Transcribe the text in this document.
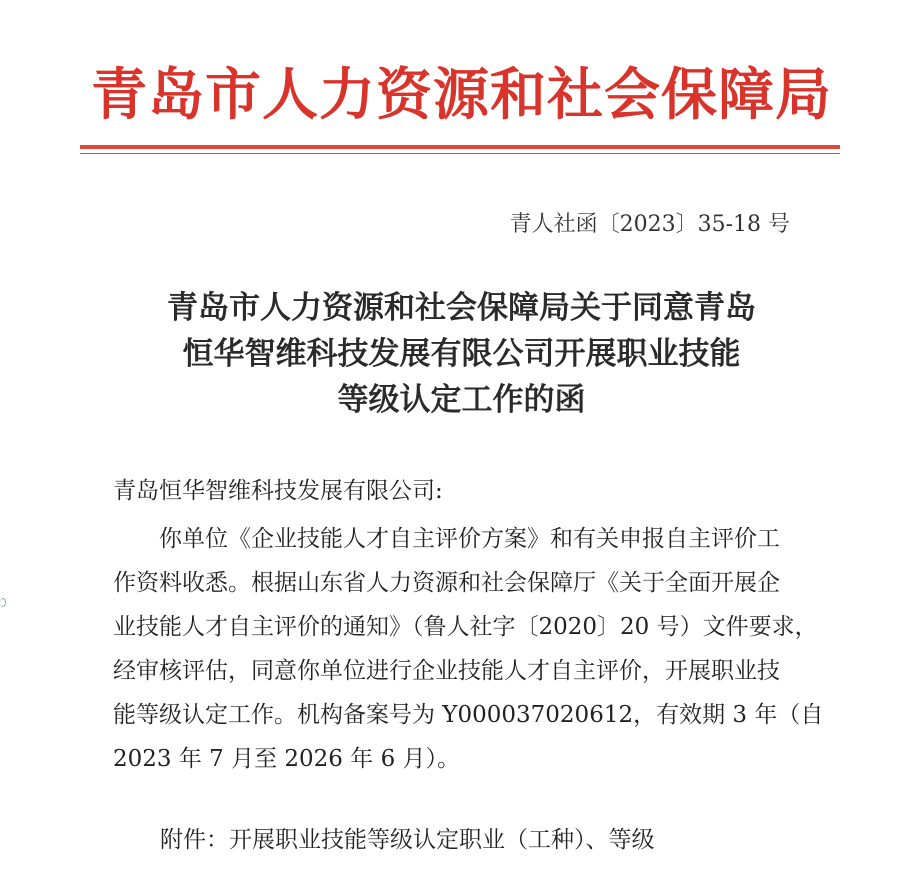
青岛市人力资源和社会保障局
青人社函〔2023〕35-18 号
青岛市人力资源和社会保障局关于同意青岛
恒华智维科技发展有限公司开展职业技能
等级认定工作的函
青岛恒华智维科技发展有限公司:
　　你单位《企业技能人才自主评价方案》和有关申报自主评价工
作资料收悉。根据山东省人力资源和社会保障厅《关于全面开展企
业技能人才自主评价的通知》（鲁人社字〔2020〕20 号）文件要求，
经审核评估，同意你单位进行企业技能人才自主评价，开展职业技
能等级认定工作。机构备案号为 Y000037020612，有效期 3 年（自
2023 年 7 月至 2026 年 6 月）。
附件：开展职业技能等级认定职业（工种）、等级
